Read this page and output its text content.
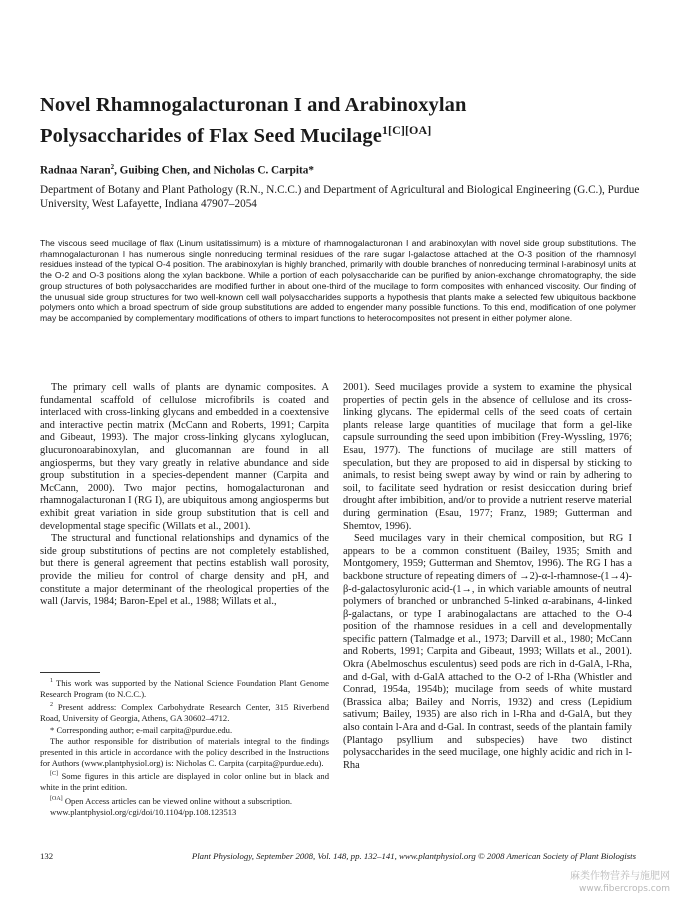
Novel Rhamnogalacturonan I and Arabinoxylan
Polysaccharides of Flax Seed Mucilage$^{1[C][OA]}$
Radnaa Naran$^2$, Guibing Chen, and Nicholas C. Carpita*
Department of Botany and Plant Pathology (R.N., N.C.C.) and Department of Agricultural and Biological Engineering (G.C.), Purdue University, West Lafayette, Indiana 47907–2054
The viscous seed mucilage of flax (Linum usitatissimum) is a mixture of rhamnogalacturonan I and arabinoxylan with novel side group substitutions. The rhamnogalacturonan I has numerous single nonreducing terminal residues of the rare sugar l-galactose attached at the O-3 position of the rhamnosyl residues instead of the typical O-4 position. The arabinoxylan is highly branched, primarily with double branches of nonreducing terminal l-arabinosyl units at the O-2 and O-3 positions along the xylan backbone. While a portion of each polysaccharide can be purified by anion-exchange chromatography, the side group structures of both polysaccharides are modified further in about one-third of the mucilage to form composites with enhanced viscosity. Our finding of the unusual side group structures for two well-known cell wall polysaccharides supports a hypothesis that plants make a selected few ubiquitous backbone polymers onto which a broad spectrum of side group substitutions are added to engender many possible functions. To this end, modification of one polymer may be accompanied by complementary modifications of others to impart functions to heterocomposites not present in either polymer alone.

The primary cell walls of plants are dynamic composites. A fundamental scaffold of cellulose microfibrils is coated and interlaced with cross-linking glycans and embedded in a coextensive and interactive pectin matrix (McCann and Roberts, 1991; Carpita and Gibeaut, 1993). The major cross-linking glycans xyloglucan, glucuronoarabinoxylan, and glucomannan are found in all angiosperms, but they vary greatly in relative abundance and side group substitution in a species-dependent manner (Carpita and McCann, 2000). Two major pectins, homogalacturonan and rhamnogalacturonan I (RG I), are ubiquitous among angiosperms but exhibit great variation in side group substitution that is cell and developmental stage specific (Willats et al., 2001).

The structural and functional relationships and dynamics of the side group substitutions of pectins are not completely established, but there is general agreement that pectins establish wall porosity, provide the milieu for control of charge density and pH, and constitute a major determinant of the rheological properties of the wall (Jarvis, 1984; Baron-Epel et al., 1988; Willats et al.,

2001). Seed mucilages provide a system to examine the physical properties of pectin gels in the absence of cellulose and its cross-linking glycans. The epidermal cells of the seed coats of certain plants release large quantities of mucilage that form a gel-like capsule surrounding the seed upon imbibition (Frey-Wyssling, 1976; Esau, 1977). The functions of mucilage are still matters of speculation, but they are proposed to aid in dispersal by sticking to animals, to resist being swept away by wind or rain by adhering to soil, to facilitate seed hydration or resist desiccation during brief drought after imbibition, and/or to provide a nutrient reserve material during germination (Esau, 1977; Franz, 1989; Gutterman and Shemtov, 1996).

Seed mucilages vary in their chemical composition, but RG I appears to be a common constituent (Bailey, 1935; Smith and Montgomery, 1959; Gutterman and Shemtov, 1996). The RG I has a backbone structure of repeating dimers of →2)-α-l-rhamnose-(1→4)-β-d-galactosyluronic acid-(1→, in which variable amounts of neutral polymers of branched or unbranched 5-linked α-arabinans, 4-linked β-galactans, or type I arabinogalactans are attached to the O-4 position of the rhamnose residues in a cell and developmentally specific pattern (Talmadge et al., 1973; Darvill et al., 1980; McCann and Roberts, 1991; Carpita and Gibeaut, 1993; Willats et al., 2001). Okra (Abelmoschus esculentus) seed pods are rich in d-GalA, l-Rha, and d-Gal, with d-GalA attached to the O-2 of l-Rha (Whistler and Conrad, 1954a, 1954b); mucilage from seeds of white mustard (Brassica alba; Bailey and Norris, 1932) and cress (Lepidium sativum; Bailey, 1935) are also rich in l-Rha and d-GalA, but they also contain l-Ara and d-Gal. In contrast, seeds of the plantain family (Plantago psyllium and subspecies) have two distinct polysaccharides in the seed mucilage, one highly acidic and rich in l-Rha

$^1$ This work was supported by the National Science Foundation Plant Genome Research Program (to N.C.C.).

$^2$ Present address: Complex Carbohydrate Research Center, 315 Riverbend Road, University of Georgia, Athens, GA 30602–4712.

* Corresponding author; e-mail carpita@purdue.edu.

The author responsible for distribution of materials integral to the findings presented in this article in accordance with the policy described in the Instructions for Authors (www.plantphysiol.org) is: Nicholas C. Carpita (carpita@purdue.edu).

[C] Some figures in this article are displayed in color online but in black and white in the print edition.

[OA] Open Access articles can be viewed online without a subscription.

www.plantphysiol.org/cgi/doi/10.1104/pp.108.123513

132	Plant Physiology, September 2008, Vol. 148, pp. 132–141, www.plantphysiol.org © 2008 American Society of Plant Biologists
麻类作物营养与施肥网
www.fibercrops.com
